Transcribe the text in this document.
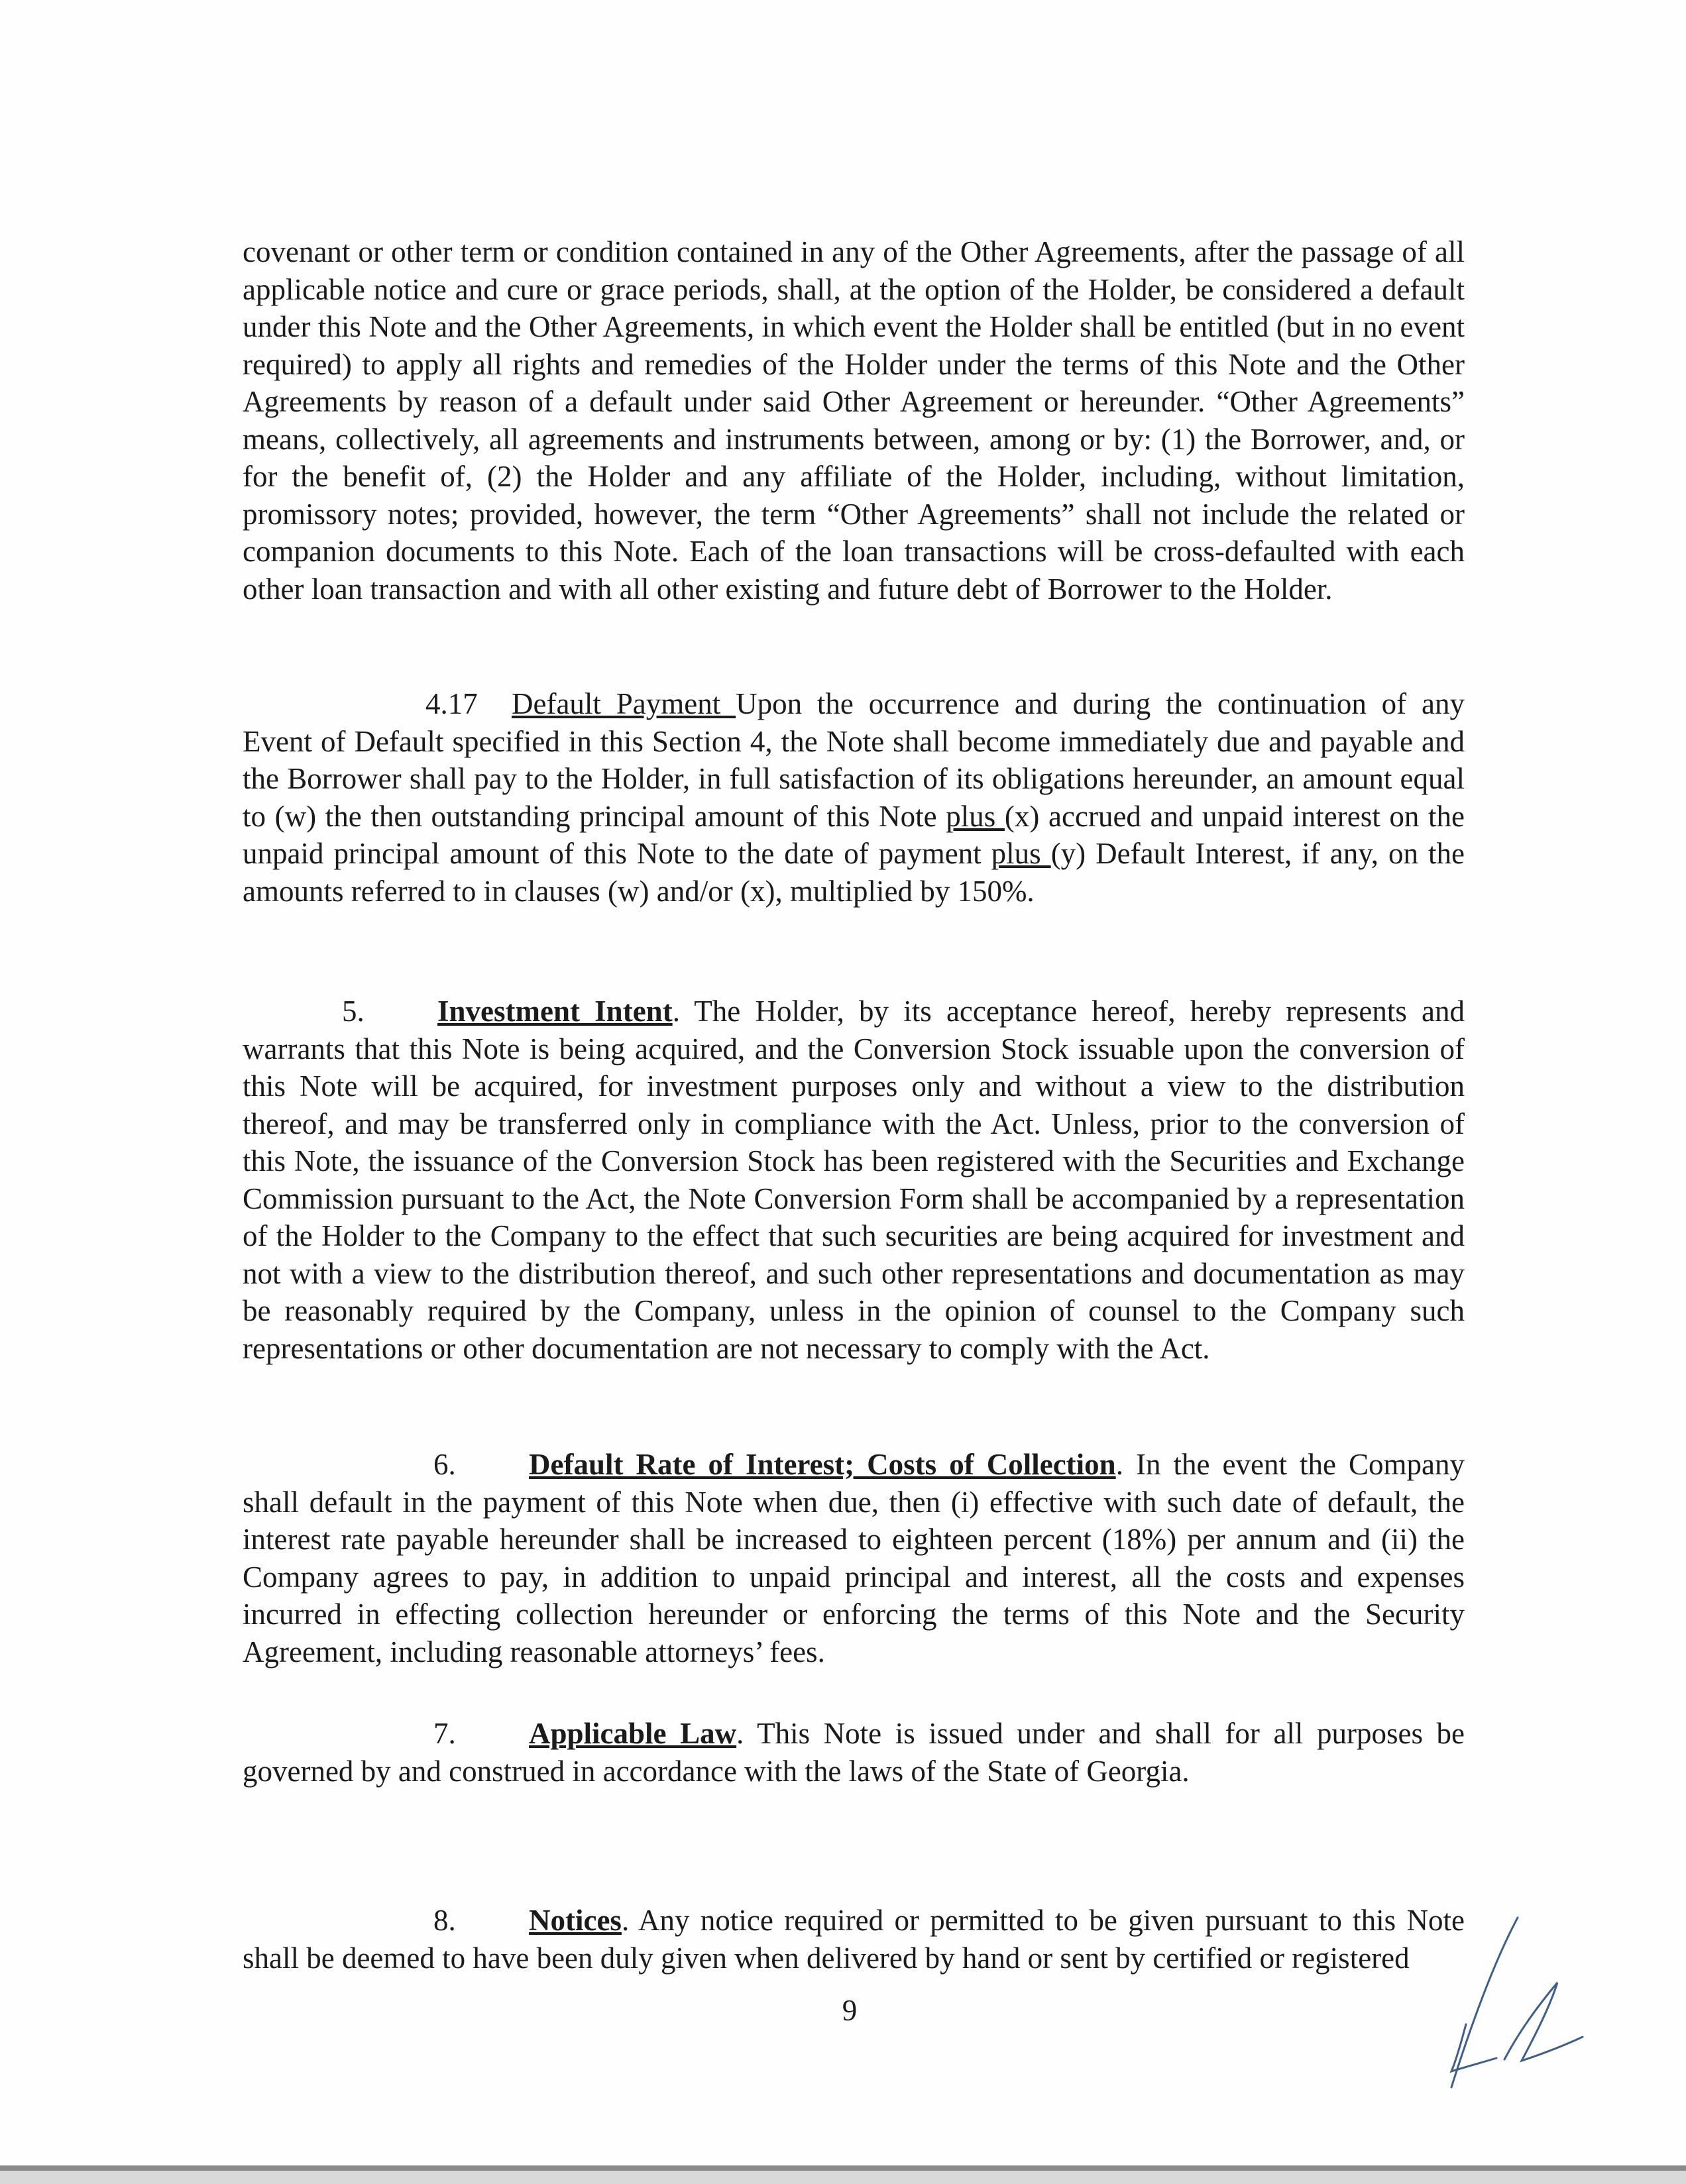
covenant or other term or condition contained in any of the Other Agreements, after the passage of all applicable notice and cure or grace periods, shall, at the option of the Holder, be considered a default under this Note and the Other Agreements, in which event the Holder shall be entitled (but in no event required) to apply all rights and remedies of the Holder under the terms of this Note and the Other Agreements by reason of a default under said Other Agreement or hereunder. “Other Agreements” means, collectively, all agreements and instruments between, among or by: (1) the Borrower, and, or for the benefit of, (2) the Holder and any affiliate of the Holder, including, without limitation, promissory notes; provided, however, the term “Other Agreements” shall not include the related or companion documents to this Note. Each of the loan transactions will be cross-defaulted with each other loan transaction and with all other existing and future debt of Borrower to the Holder.

4.17 Default Payment Upon the occurrence and during the continuation of any Event of Default specified in this Section 4, the Note shall become immediately due and payable and the Borrower shall pay to the Holder, in full satisfaction of its obligations hereunder, an amount equal to (w) the then outstanding principal amount of this Note plus (x) accrued and unpaid interest on the unpaid principal amount of this Note to the date of payment plus (y) Default Interest, if any, on the amounts referred to in clauses (w) and/or (x), multiplied by 150%.

5. Investment Intent. The Holder, by its acceptance hereof, hereby represents and warrants that this Note is being acquired, and the Conversion Stock issuable upon the conversion of this Note will be acquired, for investment purposes only and without a view to the distribution thereof, and may be transferred only in compliance with the Act. Unless, prior to the conversion of this Note, the issuance of the Conversion Stock has been registered with the Securities and Exchange Commission pursuant to the Act, the Note Conversion Form shall be accompanied by a representation of the Holder to the Company to the effect that such securities are being acquired for investment and not with a view to the distribution thereof, and such other representations and documentation as may be reasonably required by the Company, unless in the opinion of counsel to the Company such representations or other documentation are not necessary to comply with the Act.

6. Default Rate of Interest; Costs of Collection. In the event the Company shall default in the payment of this Note when due, then (i) effective with such date of default, the interest rate payable hereunder shall be increased to eighteen percent (18%) per annum and (ii) the Company agrees to pay, in addition to unpaid principal and interest, all the costs and expenses incurred in effecting collection hereunder or enforcing the terms of this Note and the Security Agreement, including reasonable attorneys’ fees.

7. Applicable Law. This Note is issued under and shall for all purposes be governed by and construed in accordance with the laws of the State of Georgia.

8. Notices. Any notice required or permitted to be given pursuant to this Note shall be deemed to have been duly given when delivered by hand or sent by certified or registered

9
